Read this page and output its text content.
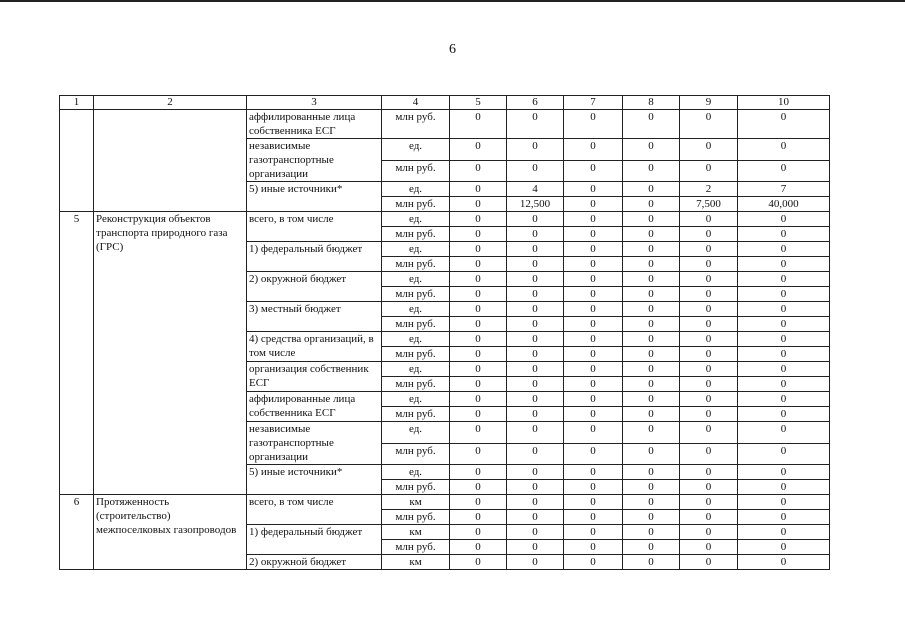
6
1	2	3	4	5	6	7	8	9	10
		аффилированные лица собственника ЕСГ	млн руб.	0	0	0	0	0	0
		независимые газотранспортные организации	ед.	0	0	0	0	0	0
			млн руб.	0	0	0	0	0	0
		5) иные источники*	ед.	0	4	0	0	2	7
			млн руб.	0	12,500	0	0	7,500	40,000
5	Реконструкция объектов транспорта природного газа (ГРС)	всего, в том числе	ед.	0	0	0	0	0	0
			млн руб.	0	0	0	0	0	0
		1) федеральный бюджет	ед.	0	0	0	0	0	0
			млн руб.	0	0	0	0	0	0
		2) окружной бюджет	ед.	0	0	0	0	0	0
			млн руб.	0	0	0	0	0	0
		3) местный бюджет	ед.	0	0	0	0	0	0
			млн руб.	0	0	0	0	0	0
		4) средства организаций, в том числе	ед.	0	0	0	0	0	0
			млн руб.	0	0	0	0	0	0
		организация собственник ЕСГ	ед.	0	0	0	0	0	0
			млн руб.	0	0	0	0	0	0
		аффилированные лица собственника ЕСГ	ед.	0	0	0	0	0	0
			млн руб.	0	0	0	0	0	0
		независимые газотранспортные организации	ед.	0	0	0	0	0	0
			млн руб.	0	0	0	0	0	0
		5) иные источники*	ед.	0	0	0	0	0	0
			млн руб.	0	0	0	0	0	0
6	Протяженность (строительство) межпоселковых газопроводов	всего, в том числе	км	0	0	0	0	0	0
			млн руб.	0	0	0	0	0	0
		1) федеральный бюджет	км	0	0	0	0	0	0
			млн руб.	0	0	0	0	0	0
		2) окружной бюджет	км	0	0	0	0	0	0
